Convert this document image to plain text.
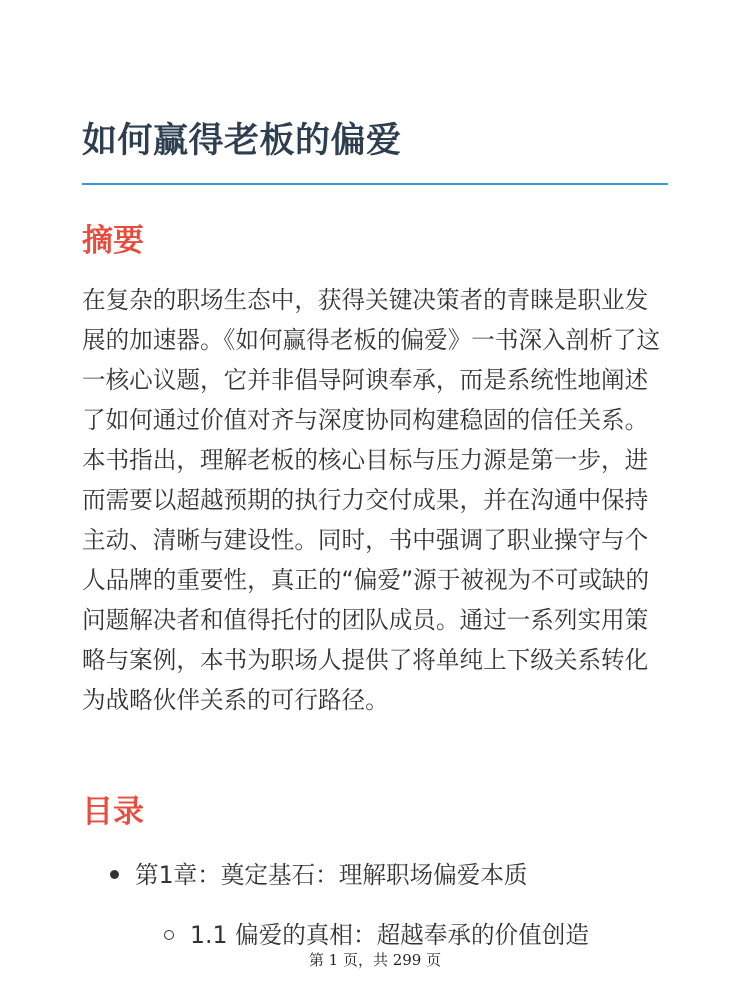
如何赢得老板的偏爱
摘要

在复杂的职场生态中，获得关键决策者的青睐是职业发展的加速器。《如何赢得老板的偏爱》一书深入剖析了这一核心议题，它并非倡导阿谀奉承，而是系统性地阐述了如何通过价值对齐与深度协同构建稳固的信任关系。本书指出，理解老板的核心目标与压力源是第一步，进而需要以超越预期的执行力交付成果，并在沟通中保持主动、清晰与建设性。同时，书中强调了职业操守与个人品牌的重要性，真正的“偏爱”源于被视为不可或缺的问题解决者和值得托付的团队成员。通过一系列实用策略与案例，本书为职场人提供了将单纯上下级关系转化为战略伙伴关系的可行路径。

目录
第1章：奠定基石：理解职场偏爱本质
1.1 偏爱的真相：超越奉承的价值创造
第 1 页，共 299 页
